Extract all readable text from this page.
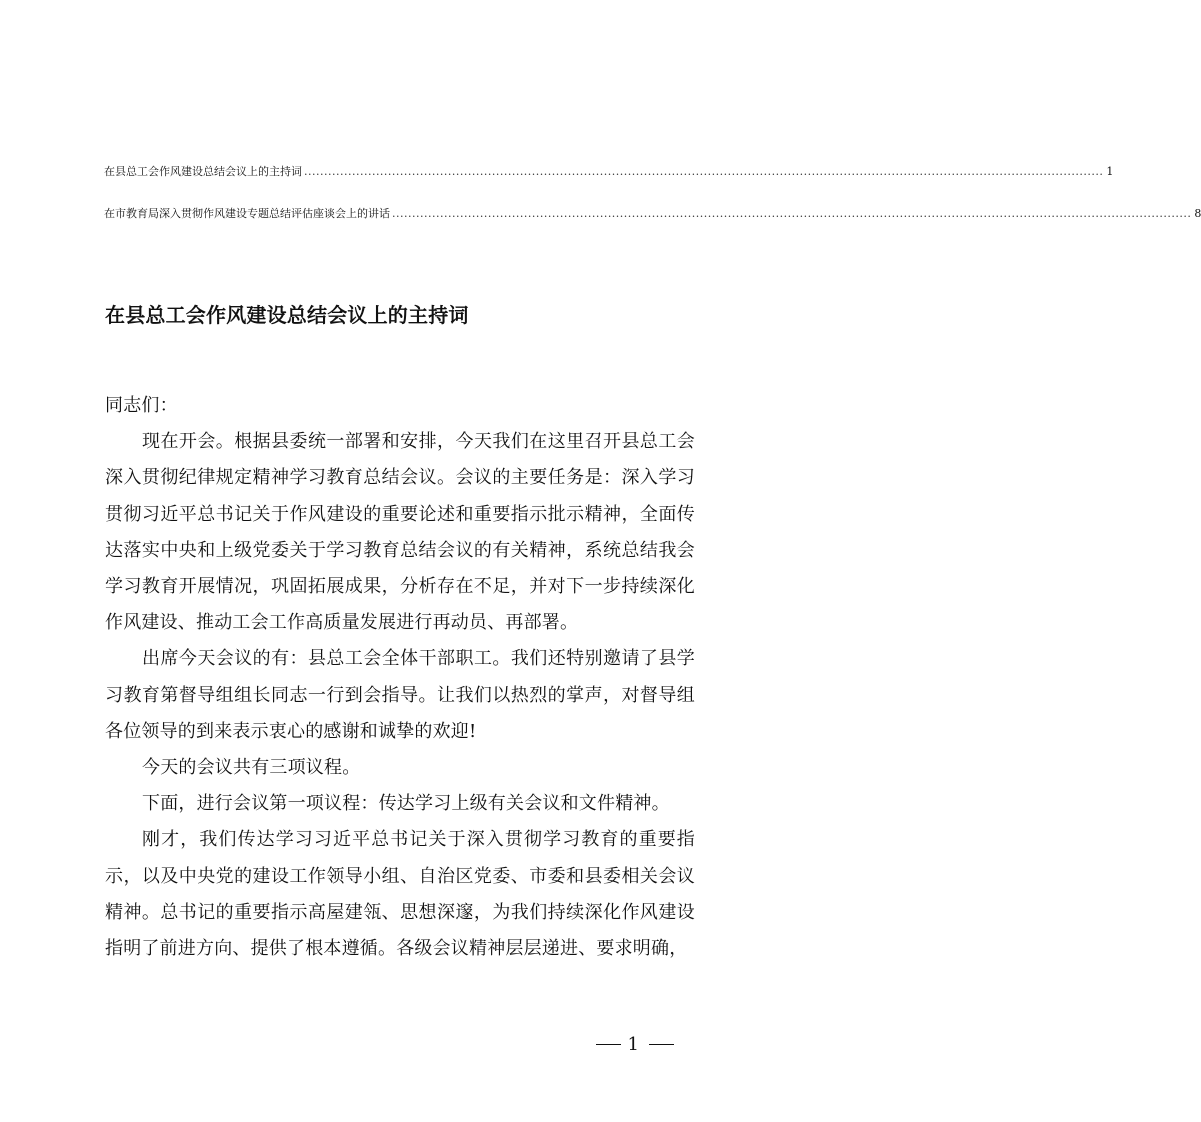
在县总工会作风建设总结会议上的主持词 ........................................................................................................................................................................................................ 1
在市教育局深入贯彻作风建设专题总结评估座谈会上的讲话 ........................................................................................................................................................................................................ 8
在县总工会作风建设总结会议上的主持词

同志们：

现在开会。根据县委统一部署和安排，今天我们在这里召开县总工会深入贯彻纪律规定精神学习教育总结会议。会议的主要任务是：深入学习贯彻习近平总书记关于作风建设的重要论述和重要指示批示精神，全面传达落实中央和上级党委关于学习教育总结会议的有关精神，系统总结我会学习教育开展情况，巩固拓展成果，分析存在不足，并对下一步持续深化作风建设、推动工会工作高质量发展进行再动员、再部署。

出席今天会议的有：县总工会全体干部职工。我们还特别邀请了县学习教育第督导组组长同志一行到会指导。让我们以热烈的掌声，对督导组各位领导的到来表示衷心的感谢和诚挚的欢迎!

今天的会议共有三项议程。

下面，进行会议第一项议程：传达学习上级有关会议和文件精神。

刚才，我们传达学习习近平总书记关于深入贯彻学习教育的重要指示，以及中央党的建设工作领导小组、自治区党委、市委和县委相关会议精神。总书记的重要指示高屋建瓴、思想深邃，为我们持续深化作风建设指明了前进方向、提供了根本遵循。各级会议精神层层递进、要求明确，

1
